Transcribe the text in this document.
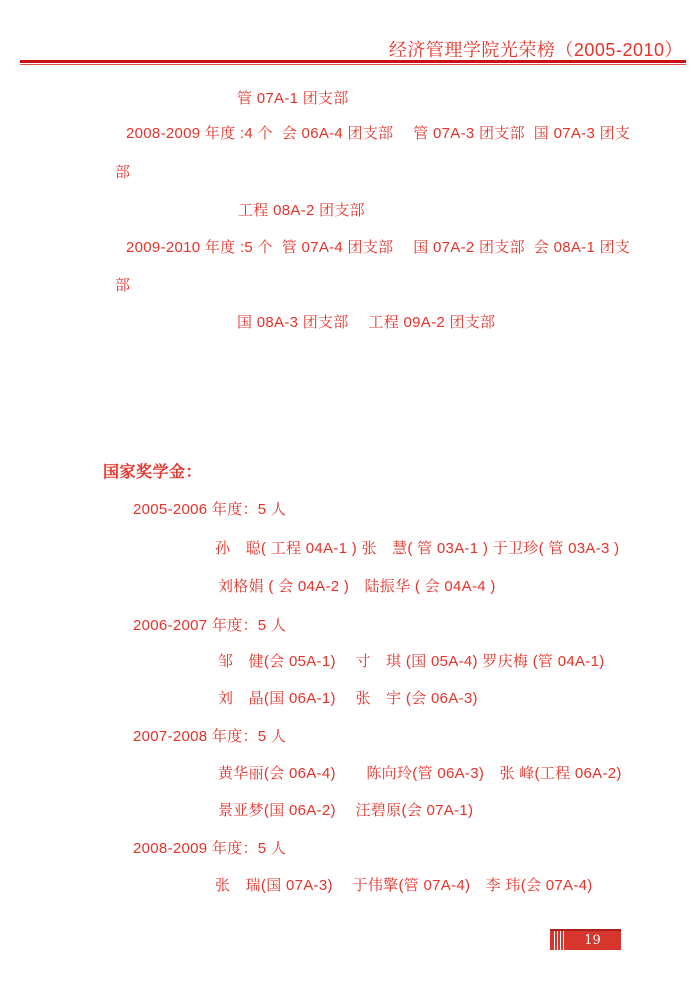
经济管理学院光荣榜（2005-2010）
管 07A-1 团支部
2008-2009 年度 :4 个  会 06A-4 团支部　 管 07A-3 团支部  国 07A-3 团支
部
工程 08A-2 团支部
2009-2010 年度 :5 个  管 07A-4 团支部　 国 07A-2 团支部  会 08A-1 团支
部
国 08A-3 团支部　 工程 09A-2 团支部
国家奖学金：
2005-2006 年度：5 人
孙　聪( 工程 04A-1 ) 张　慧( 管 03A-1 ) 于卫珍( 管 03A-3 )
刘格娟 ( 会 04A-2 )　陆振华 ( 会 04A-4 )
2006-2007 年度：5 人
邹　健(会 05A-1)　 寸　琪 (国 05A-4) 罗庆梅 (管 04A-1)
刘　晶(国 06A-1)　 张　宇 (会 06A-3)
2007-2008 年度：5 人
黄华丽(会 06A-4)　　陈向玲(管 06A-3)　张 峰(工程 06A-2)
景亚梦(国 06A-2)　 汪碧原(会 07A-1)
2008-2009 年度：5 人
张　瑞(国 07A-3)　 于伟擎(管 07A-4)　李 玮(会 07A-4)
19
